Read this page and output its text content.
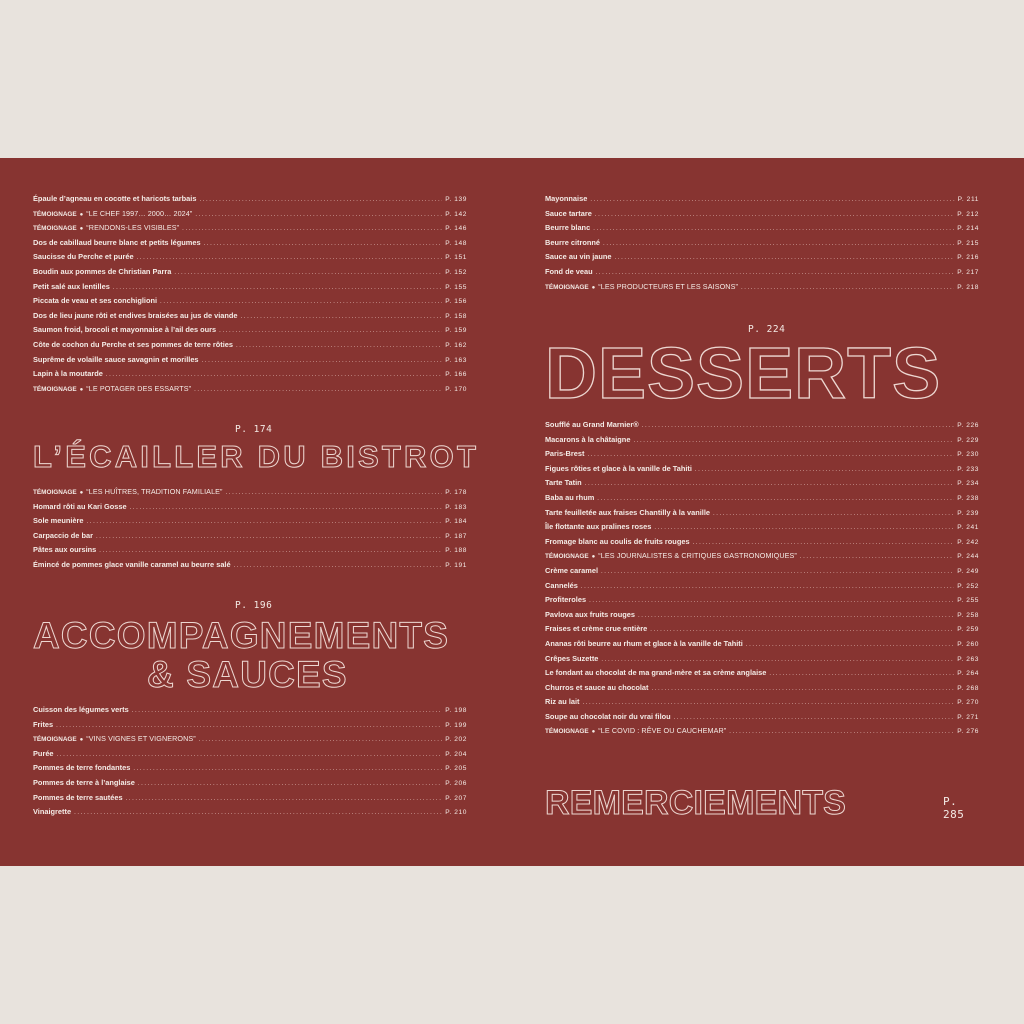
Épaule d’agneau en cocotte et haricots tarbais .....	P. 139
TÉMOIGNAGE ● “LE CHEF 1997… 2000… 2024” .....	P. 142
TÉMOIGNAGE ● “RENDONS-LES VISIBLES” .....	P. 146
Dos de cabillaud beurre blanc et petits légumes .....	P. 148
Saucisse du Perche et purée .....	P. 151
Boudin aux pommes de Christian Parra .....	P. 152
Petit salé aux lentilles .....	P. 155
Piccata de veau et ses conchiglioni .....	P. 156
Dos de lieu jaune rôti et endives braisées au jus de viande .....	P. 158
Saumon froid, brocoli et mayonnaise à l’ail des ours .....	P. 159
Côte de cochon du Perche et ses pommes de terre rôties .....	P. 162
Suprême de volaille sauce savagnin et morilles .....	P. 163
Lapin à la moutarde .....	P. 166
TÉMOIGNAGE ● “LE POTAGER DES ESSARTS” .....	P. 170
P. 174
L’ÉCAILLER DU BISTROT
TÉMOIGNAGE ● “LES HUÎTRES, TRADITION FAMILIALE” .....	P. 178
Homard rôti au Kari Gosse .....	P. 183
Sole meunière .....	P. 184
Carpaccio de bar .....	P. 187
Pâtes aux oursins .....	P. 188
Émincé de pommes glace vanille caramel au beurre salé .....	P. 191
P. 196
ACCOMPAGNEMENTS
& SAUCES
Cuisson des légumes verts .....	P. 198
Frites .....	P. 199
TÉMOIGNAGE ● “VINS VIGNES ET VIGNERONS” .....	P. 202
Purée .....	P. 204
Pommes de terre fondantes .....	P. 205
Pommes de terre à l’anglaise .....	P. 206
Pommes de terre sautées .....	P. 207
Vinaigrette .....	P. 210
Mayonnaise .....	P. 211
Sauce tartare .....	P. 212
Beurre blanc .....	P. 214
Beurre citronné .....	P. 215
Sauce au vin jaune .....	P. 216
Fond de veau .....	P. 217
TÉMOIGNAGE ● “LES PRODUCTEURS ET LES SAISONS” .....	P. 218
P. 224
DESSERTS
Soufflé au Grand Marnier® .....	P. 226
Macarons à la châtaigne .....	P. 229
Paris-Brest .....	P. 230
Figues rôties et glace à la vanille de Tahiti .....	P. 233
Tarte Tatin .....	P. 234
Baba au rhum .....	P. 238
Tarte feuilletée aux fraises Chantilly à la vanille .....	P. 239
Île flottante aux pralines roses .....	P. 241
Fromage blanc au coulis de fruits rouges .....	P. 242
TÉMOIGNAGE ● “LES JOURNALISTES & CRITIQUES GASTRONOMIQUES” .....	P. 244
Crème caramel .....	P. 249
Cannelés .....	P. 252
Profiteroles .....	P. 255
Pavlova aux fruits rouges .....	P. 258
Fraises et crème crue entière .....	P. 259
Ananas rôti beurre au rhum et glace à la vanille de Tahiti .....	P. 260
Crêpes Suzette .....	P. 263
Le fondant au chocolat de ma grand-mère et sa crème anglaise .....	P. 264
Churros et sauce au chocolat .....	P. 268
Riz au lait .....	P. 270
Soupe au chocolat noir du vrai filou .....	P. 271
TÉMOIGNAGE ● “LE COVID : RÊVE OU CAUCHEMAR” .....	P. 276
REMERCIEMENTS	P. 285
